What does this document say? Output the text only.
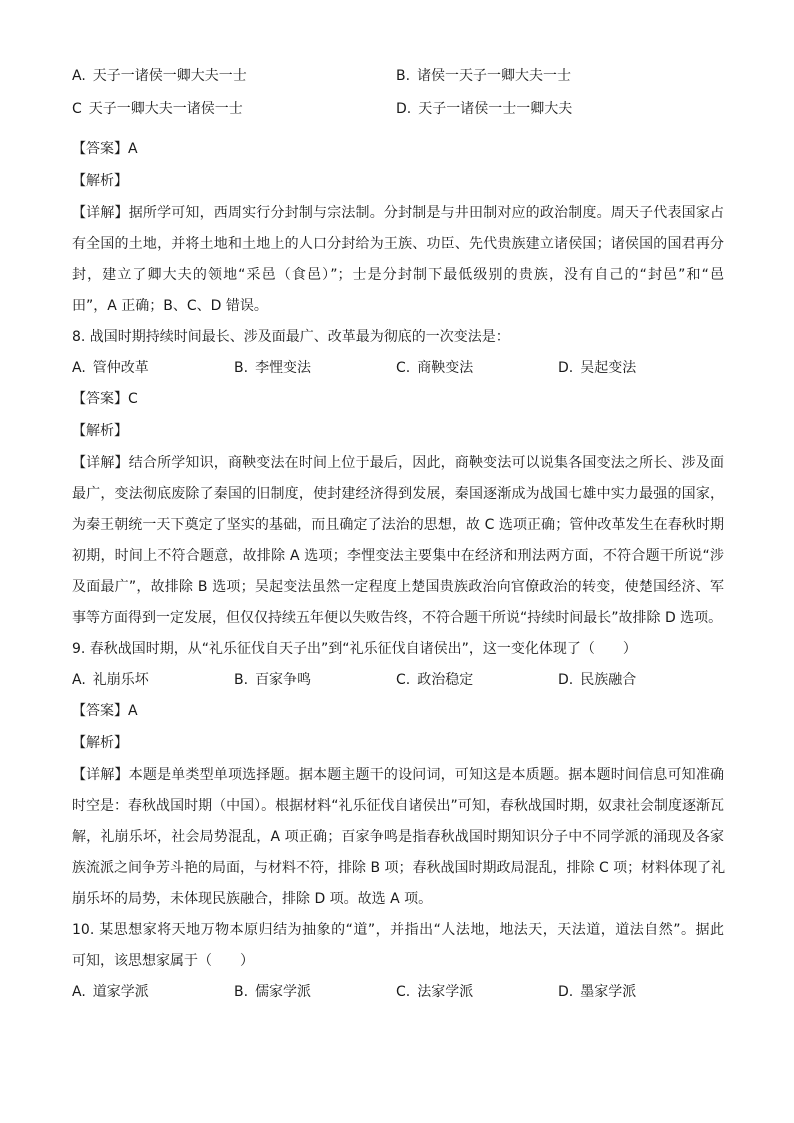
A.  天子一诸侯一卿大夫一士	B.  诸侯一天子一卿大夫一士
C  天子一卿大夫一诸侯一士	D.  天子一诸侯一士一卿大夫
【答案】A
【解析】
【详解】据所学可知，西周实行分封制与宗法制。分封制是与井田制对应的政治制度。周天子代表国家占
有全国的土地，并将土地和土地上的人口分封给为王族、功臣、先代贵族建立诸侯国；诸侯国的国君再分
封，建立了卿大夫的领地“采邑（食邑）”；士是分封制下最低级别的贵族，没有自己的“封邑”和“邑
田”，A 正确；B、C、D 错误。
8. 战国时期持续时间最长、涉及面最广、改革最为彻底的一次变法是：
A.  管仲改革	B.  李悝变法	C.  商鞅变法	D.  吴起变法
【答案】C
【解析】
【详解】结合所学知识，商鞅变法在时间上位于最后，因此，商鞅变法可以说集各国变法之所长、涉及面
最广，变法彻底废除了秦国的旧制度，使封建经济得到发展，秦国逐渐成为战国七雄中实力最强的国家，
为秦王朝统一天下奠定了坚实的基础，而且确定了法治的思想，故 C 选项正确；管仲改革发生在春秋时期
初期，时间上不符合题意，故排除 A 选项；李悝变法主要集中在经济和刑法两方面，不符合题干所说“涉
及面最广”，故排除 B 选项；吴起变法虽然一定程度上楚国贵族政治向官僚政治的转变，使楚国经济、军
事等方面得到一定发展，但仅仅持续五年便以失败告终，不符合题干所说“持续时间最长”故排除 D 选项。
9. 春秋战国时期，从“礼乐征伐自天子出”到“礼乐征伐自诸侯出”，这一变化体现了（　　）
A.  礼崩乐坏	B.  百家争鸣	C.  政治稳定	D.  民族融合
【答案】A
【解析】
【详解】本题是单类型单项选择题。据本题主题干的设问词，可知这是本质题。据本题时间信息可知准确
时空是：春秋战国时期（中国）。根据材料“礼乐征伐自诸侯出”可知，春秋战国时期，奴隶社会制度逐渐瓦
解，礼崩乐坏，社会局势混乱，A 项正确；百家争鸣是指春秋战国时期知识分子中不同学派的涌现及各家
族流派之间争芳斗艳的局面，与材料不符，排除 B 项；春秋战国时期政局混乱，排除 C 项；材料体现了礼
崩乐坏的局势，未体现民族融合，排除 D 项。故选 A 项。
10. 某思想家将天地万物本原归结为抽象的“道”，并指出“人法地，地法天，天法道，道法自然”。据此
可知，该思想家属于（　　）
A.  道家学派	B.  儒家学派	C.  法家学派	D.  墨家学派
